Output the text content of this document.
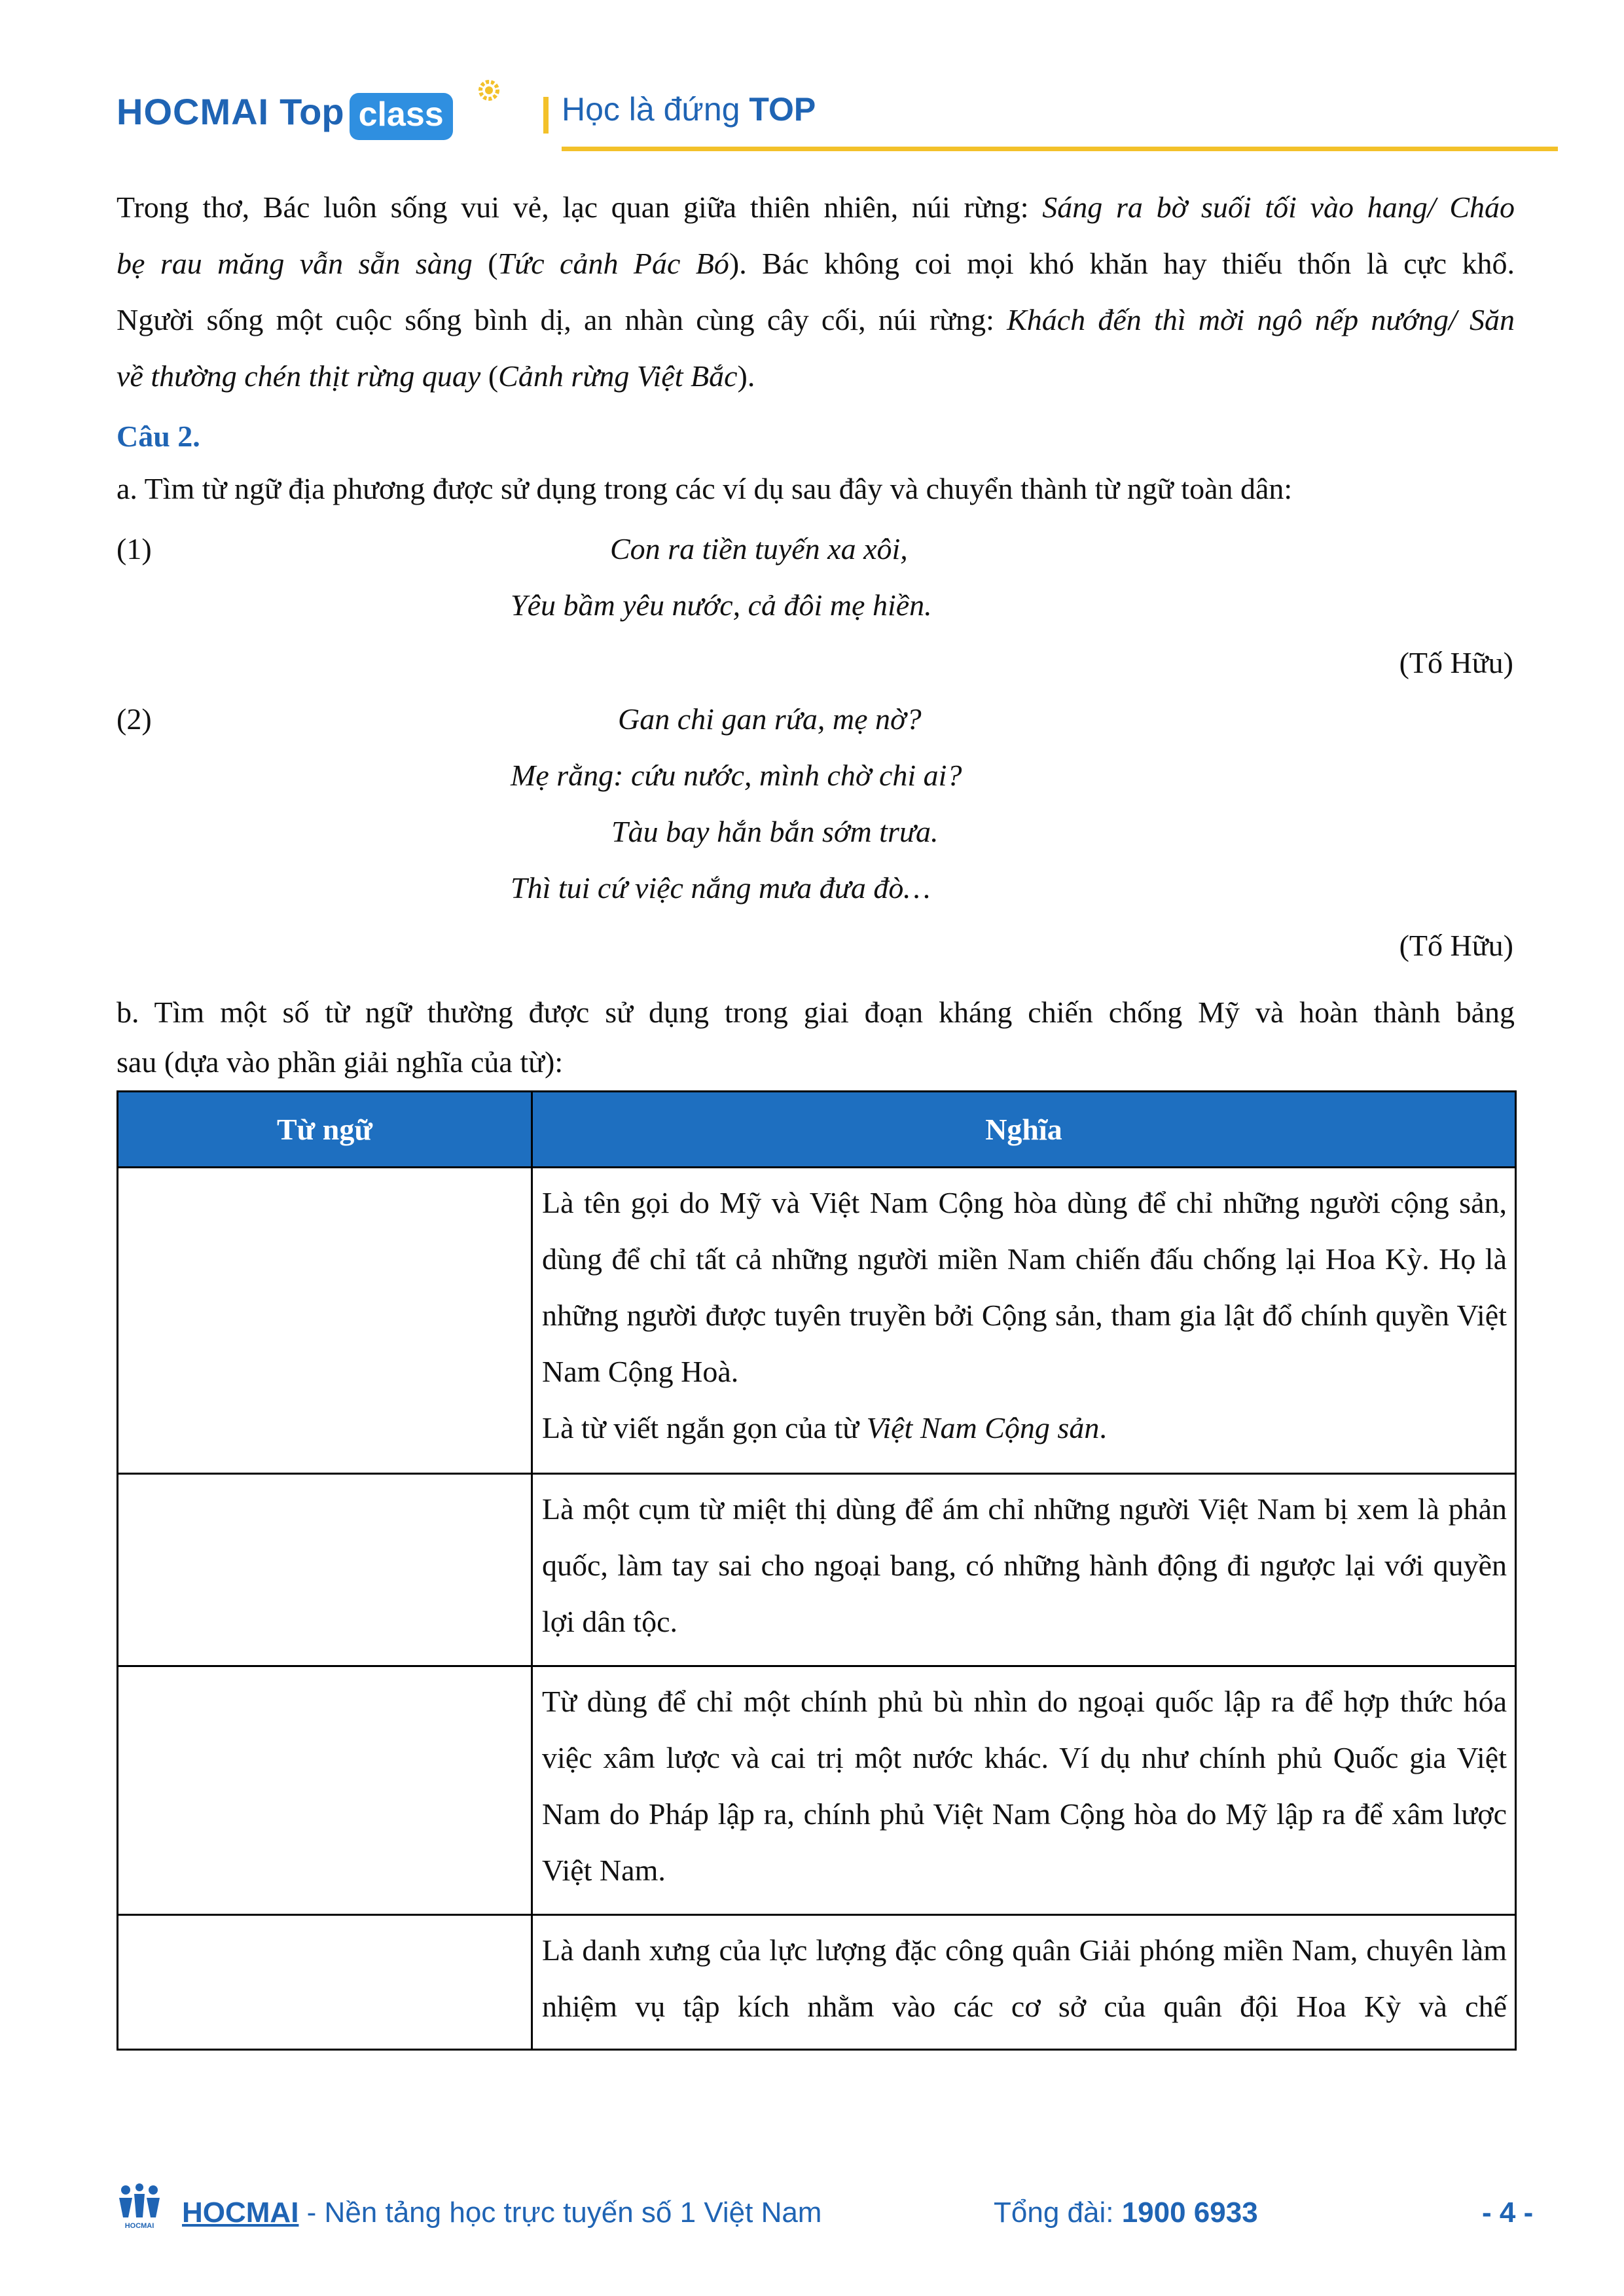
HOCMAI Top class	Học là đứng TOP

Trong thơ, Bác luôn sống vui vẻ, lạc quan giữa thiên nhiên, núi rừng: Sáng ra bờ suối tối vào hang/ Cháo

bẹ rau măng vẫn sẵn sàng (Tức cảnh Pác Bó). Bác không coi mọi khó khăn hay thiếu thốn là cực khổ.

Người sống một cuộc sống bình dị, an nhàn cùng cây cối, núi rừng: Khách đến thì mời ngô nếp nướng/ Săn

về thường chén thịt rừng quay (Cảnh rừng Việt Bắc).

Câu 2.

a. Tìm từ ngữ địa phương được sử dụng trong các ví dụ sau đây và chuyển thành từ ngữ toàn dân:

(1)	Con ra tiền tuyến xa xôi,
Yêu bầm yêu nước, cả đôi mẹ hiền.
(Tố Hữu)
(2)	Gan chi gan rứa, mẹ nờ?
Mẹ rằng: cứu nước, mình chờ chi ai?
Tàu bay hắn bắn sớm trưa.
Thì tui cứ việc nắng mưa đưa đò…
(Tố Hữu)

b. Tìm một số từ ngữ thường được sử dụng trong giai đoạn kháng chiến chống Mỹ và hoàn thành bảng

sau (dựa vào phần giải nghĩa của từ):

Từ ngữ	Nghĩa
	Là tên gọi do Mỹ và Việt Nam Cộng hòa dùng để chỉ những người cộng sản, dùng để chỉ tất cả những người miền Nam chiến đấu chống lại Hoa Kỳ. Họ là những người được tuyên truyền bởi Cộng sản, tham gia lật đổ chính quyền Việt Nam Cộng Hoà.
Là từ viết ngắn gọn của từ Việt Nam Cộng sản.
	Là một cụm từ miệt thị dùng để ám chỉ những người Việt Nam bị xem là phản quốc, làm tay sai cho ngoại bang, có những hành động đi ngược lại với quyền lợi dân tộc.
	Từ dùng để chỉ một chính phủ bù nhìn do ngoại quốc lập ra để hợp thức hóa việc xâm lược và cai trị một nước khác. Ví dụ như chính phủ Quốc gia Việt Nam do Pháp lập ra, chính phủ Việt Nam Cộng hòa do Mỹ lập ra để xâm lược Việt Nam.
	Là danh xưng của lực lượng đặc công quân Giải phóng miền Nam, chuyên làm nhiệm vụ tập kích nhằm vào các cơ sở của quân đội Hoa Kỳ và chế
HOCMAI HOCMAI - Nền tảng học trực tuyến số 1 Việt Nam	Tổng đài: 1900 6933	- 4 -
